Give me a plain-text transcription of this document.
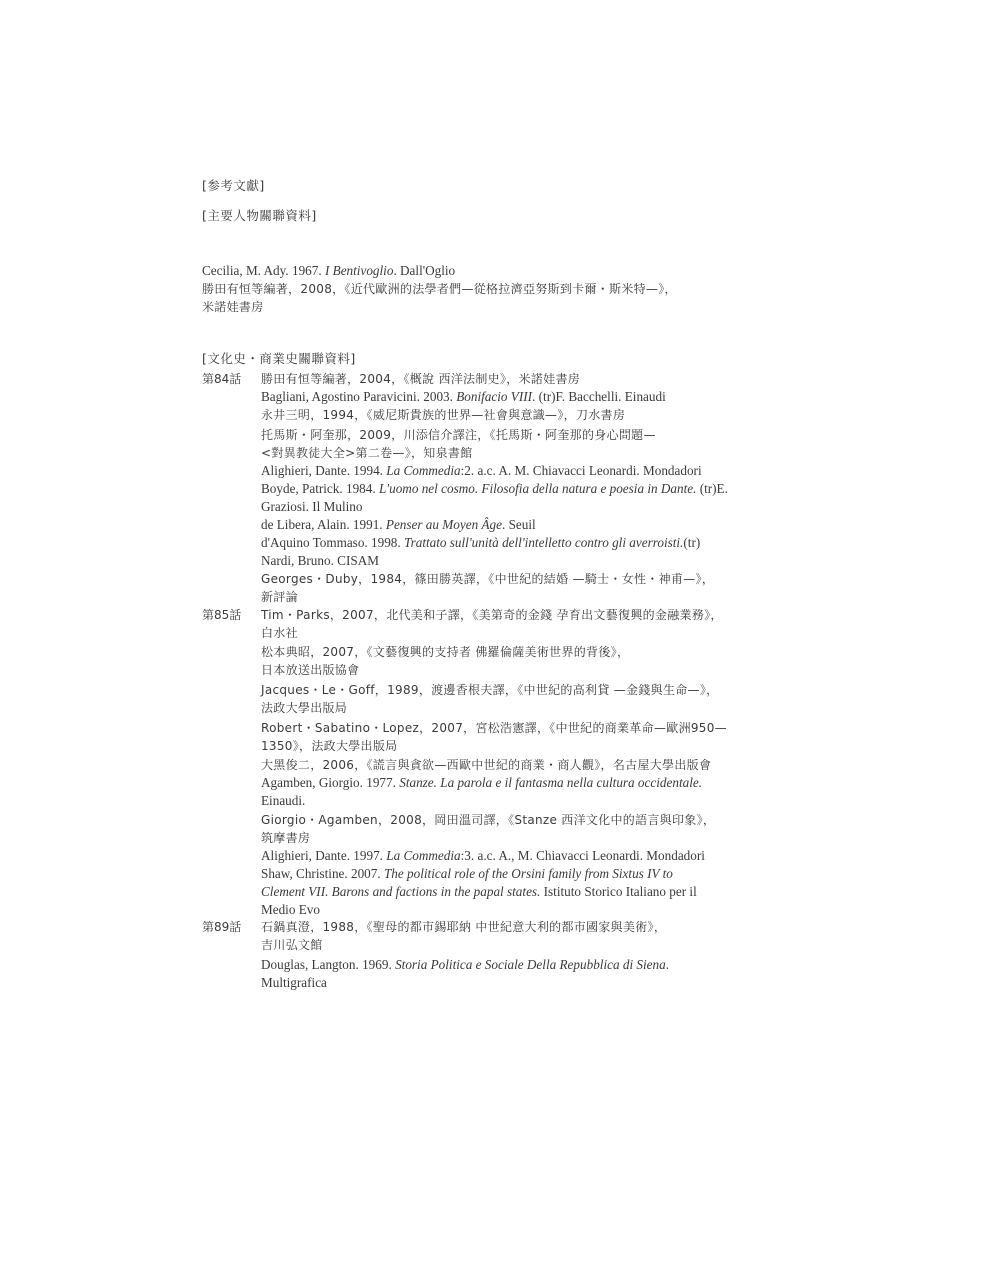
[参考文獻]
[主要人物關聯資料]
Cecilia, M. Ady. 1967. I Bentivoglio. Dall'Oglio
勝田有恒等編著，2008，《近代歐洲的法學者們—從格拉濟亞努斯到卡爾・斯米特—》，
米諾娃書房
[文化史・商業史關聯資料]
第84話
第85話
第89話
勝田有恒等編著，2004，《概說 西洋法制史》，米諾娃書房
Bagliani, Agostino Paravicini. 2003. Bonifacio VIII. (tr)F. Bacchelli. Einaudi
永井三明，1994，《威尼斯貴族的世界—社會與意識—》，刀水書房
托馬斯・阿奎那，2009，川添信介譯注，《托馬斯・阿奎那的身心問題—
<對異教徒大全>第二卷—》，知泉書館
Alighieri, Dante. 1994. La Commedia:2. a.c. A. M. Chiavacci Leonardi. Mondadori
Boyde, Patrick. 1984. L'uomo nel cosmo. Filosofia della natura e poesia in Dante. (tr)E.
Graziosi. Il Mulino
de Libera, Alain. 1991. Penser au Moyen Âge. Seuil
d'Aquino Tommaso. 1998. Trattato sull'unità dell'intelletto contro gli averroisti.(tr)
Nardi, Bruno. CISAM
Georges・Duby，1984，篠田勝英譯，《中世紀的結婚 —騎士・女性・神甫—》，
新評論
Tim・Parks，2007，北代美和子譯，《美第奇的金錢 孕育出文藝復興的金融業務》，
白水社
松本典昭，2007，《文藝復興的支持者 佛羅倫薩美術世界的背後》，
日本放送出版協會
Jacques・Le・Goff，1989，渡邊香根夫譯，《中世紀的高利貸 —金錢與生命—》，
法政大學出版局
Robert・Sabatino・Lopez，2007，宮松浩憲譯，《中世紀的商業革命—歐洲950—
1350》，法政大學出版局
大黑俊二，2006，《謊言與貪欲—西歐中世紀的商業・商人觀》，名古屋大學出版會
Agamben, Giorgio. 1977. Stanze. La parola e il fantasma nella cultura occidentale.
Einaudi.
Giorgio・Agamben，2008，岡田溫司譯，《Stanze 西洋文化中的語言與印象》，
筑摩書房
Alighieri, Dante. 1997. La Commedia:3. a.c. A., M. Chiavacci Leonardi. Mondadori
Shaw, Christine. 2007. The political role of the Orsini family from Sixtus IV to
Clement VII. Barons and factions in the papal states. Istituto Storico Italiano per il
Medio Evo
石鍋真澄，1988，《聖母的都市錫耶納 中世紀意大利的都市國家與美術》，
吉川弘文館
Douglas, Langton. 1969. Storia Politica e Sociale Della Repubblica di Siena.
Multigrafica
